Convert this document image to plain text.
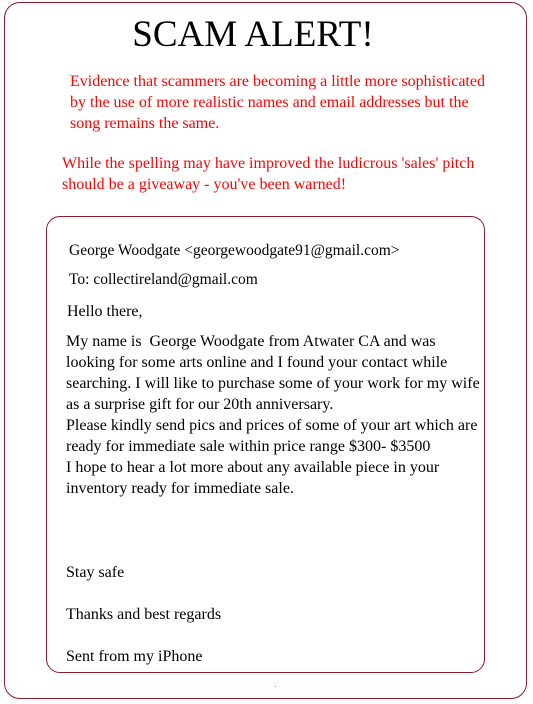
SCAM ALERT!

Evidence that scammers are becoming a little more sophisticated by the use of more realistic names and email addresses but the song remains the same.

While the spelling may have improved the ludicrous 'sales' pitch should be a giveaway - you've been warned!

George Woodgate <georgewoodgate91@gmail.com>

To: collectireland@gmail.com

Hello there,

My name is  George Woodgate from Atwater CA and was looking for some arts online and I found your contact while searching. I will like to purchase some of your work for my wife as a surprise gift for our 20th anniversary.

Please kindly send pics and prices of some of your art which are ready for immediate sale within price range $300- $3500

I hope to hear a lot more about any available piece in your inventory ready for immediate sale.

Stay safe

Thanks and best regards

Sent from my iPhone
